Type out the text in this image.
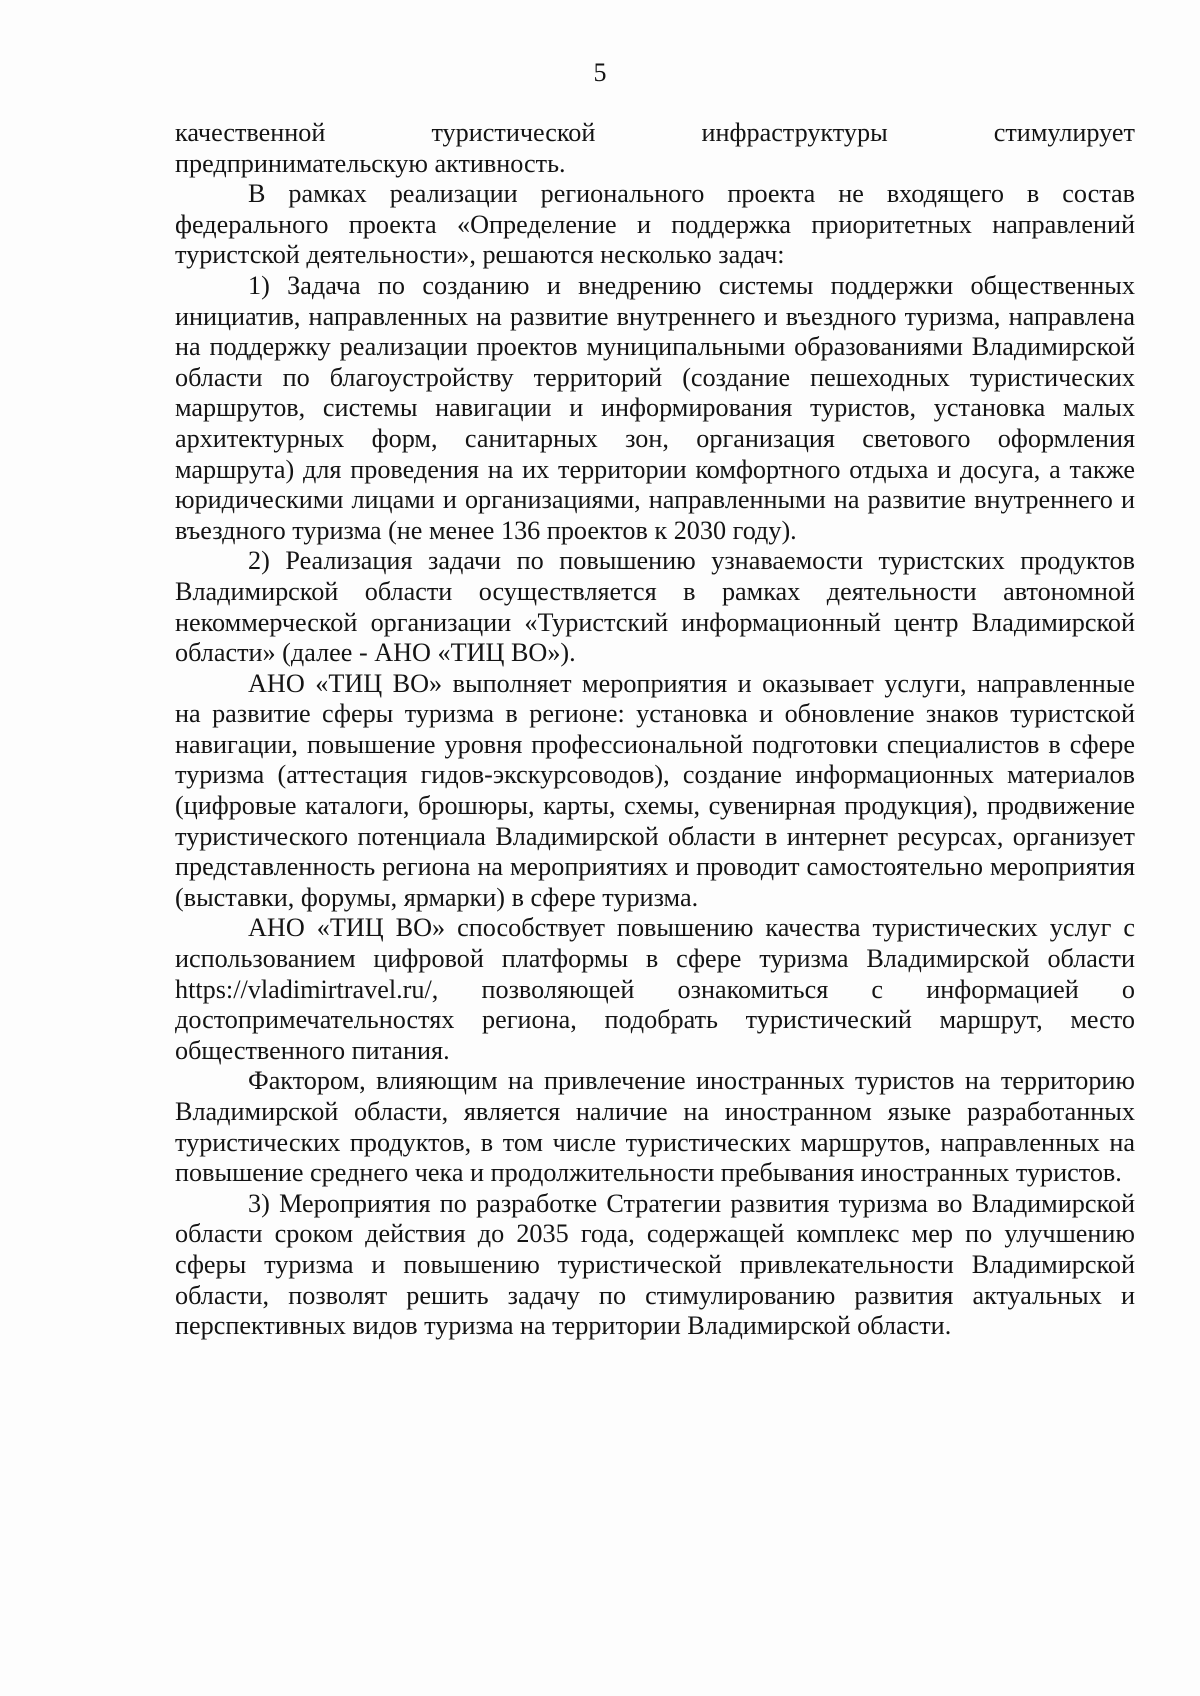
5

качественной туристической инфраструктуры стимулирует

предпринимательскую активность.

В рамках реализации регионального проекта не входящего в состав федерального проекта «Определение и поддержка приоритетных направлений туристской деятельности», решаются несколько задач:

1) Задача по созданию и внедрению системы поддержки общественных инициатив, направленных на развитие внутреннего и въездного туризма, направлена на поддержку реализации проектов муниципальными образованиями Владимирской области по благоустройству территорий (создание пешеходных туристических маршрутов, системы навигации и информирования туристов, установка малых архитектурных форм, санитарных зон, организация светового оформления маршрута) для проведения на их территории комфортного отдыха и досуга, а также юридическими лицами и организациями, направленными на развитие внутреннего и въездного туризма (не менее 136 проектов к 2030 году).

2) Реализация задачи по повышению узнаваемости туристских продуктов Владимирской области осуществляется в рамках деятельности автономной некоммерческой организации «Туристский информационный центр Владимирской области» (далее - АНО «ТИЦ ВО»).

АНО «ТИЦ ВО» выполняет мероприятия и оказывает услуги, направленные на развитие сферы туризма в регионе: установка и обновление знаков туристской навигации, повышение уровня профессиональной подготовки специалистов в сфере туризма (аттестация гидов-экскурсоводов), создание информационных материалов (цифровые каталоги, брошюры, карты, схемы, сувенирная продукция), продвижение туристического потенциала Владимирской области в интернет ресурсах, организует представленность региона на мероприятиях и проводит самостоятельно мероприятия (выставки, форумы, ярмарки) в сфере туризма.

АНО «ТИЦ ВО» способствует повышению качества туристических услуг с использованием цифровой платформы в сфере туризма Владимирской области https://vladimirtravel.ru/, позволяющей ознакомиться с информацией о достопримечательностях региона, подобрать туристический маршрут, место общественного питания.

Фактором, влияющим на привлечение иностранных туристов на территорию Владимирской области, является наличие на иностранном языке разработанных туристических продуктов, в том числе туристических маршрутов, направленных на повышение среднего чека и продолжительности пребывания иностранных туристов.

3) Мероприятия по разработке Стратегии развития туризма во Владимирской области сроком действия до 2035 года, содержащей комплекс мер по улучшению сферы туризма и повышению туристической привлекательности Владимирской области, позволят решить задачу по стимулированию развития актуальных и перспективных видов туризма на территории Владимирской области.
